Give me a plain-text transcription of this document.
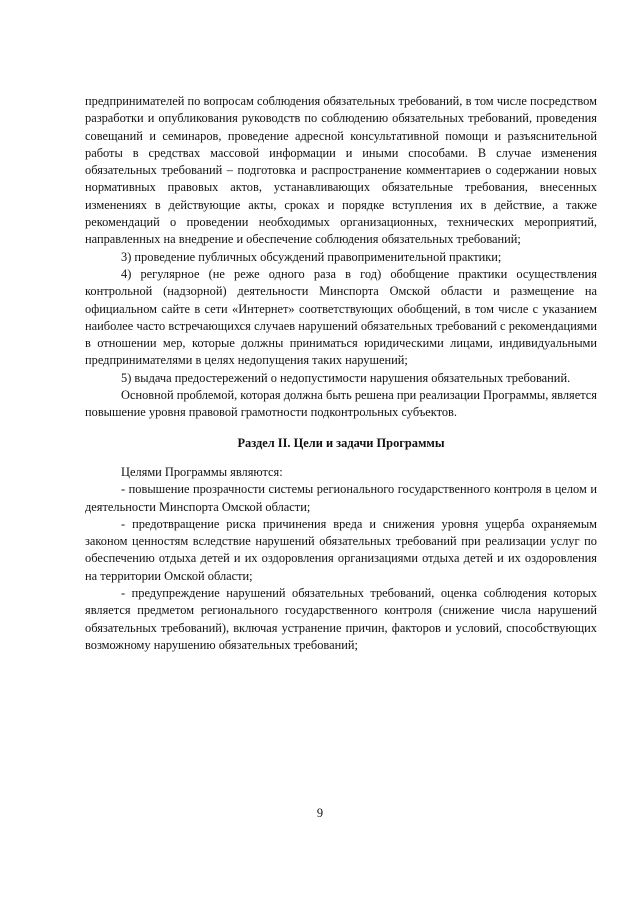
предпринимателей по вопросам соблюдения обязательных требований, в том числе посредством разработки и опубликования руководств по соблюдению обязательных требований, проведения совещаний и семинаров, проведение адресной консультативной помощи и разъяснительной работы в средствах массовой информации и иными способами. В случае изменения обязательных требований – подготовка и распространение комментариев о содержании новых нормативных правовых актов, устанавливающих обязательные требования, внесенных изменениях в действующие акты, сроках и порядке вступления их в действие, а также рекомендаций о проведении необходимых организационных, технических мероприятий, направленных на внедрение и обеспечение соблюдения обязательных требований;

3) проведение публичных обсуждений правоприменительной практики;

4) регулярное (не реже одного раза в год) обобщение практики осуществления контрольной (надзорной) деятельности Минспорта Омской области и размещение на официальном сайте в сети «Интернет» соответствующих обобщений, в том числе с указанием наиболее часто встречающихся случаев нарушений обязательных требований с рекомендациями в отношении мер, которые должны приниматься юридическими лицами, индивидуальными предпринимателями в целях недопущения таких нарушений;

5) выдача предостережений о недопустимости нарушения обязательных требований.

Основной проблемой, которая должна быть решена при реализации Программы, является повышение уровня правовой грамотности подконтрольных субъектов.

Раздел II. Цели и задачи Программы

Целями Программы являются:

- повышение прозрачности системы регионального государственного контроля в целом и деятельности Минспорта Омской области;

- предотвращение риска причинения вреда и снижения уровня ущерба охраняемым законом ценностям вследствие нарушений обязательных требований при реализации услуг по обеспечению отдыха детей и их оздоровления организациями отдыха детей и их оздоровления на территории Омской области;

- предупреждение нарушений обязательных требований, оценка соблюдения которых является предметом регионального государственного контроля (снижение числа нарушений обязательных требований), включая устранение причин, факторов и условий, способствующих возможному нарушению обязательных требований;

9
